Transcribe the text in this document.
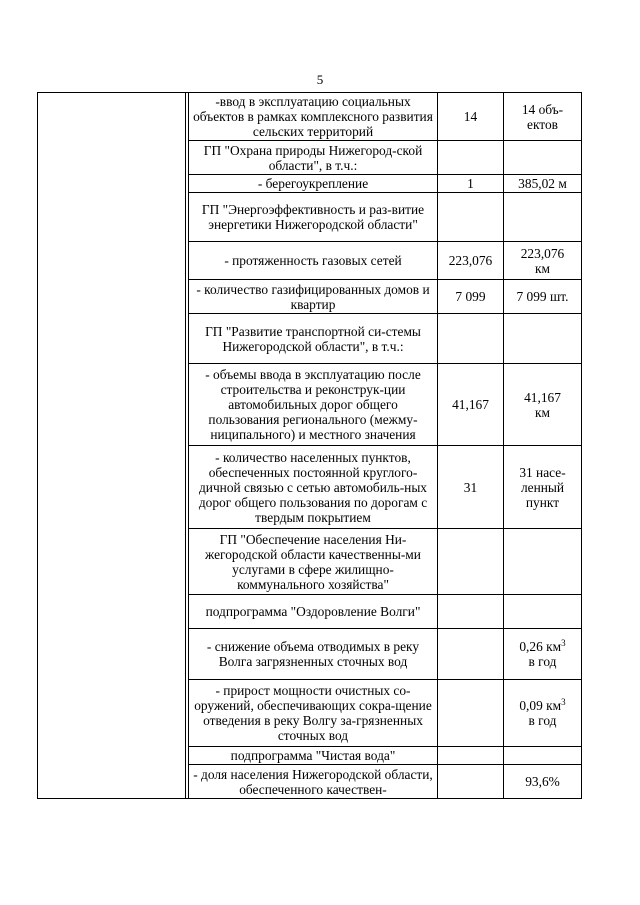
5
		-ввод в эксплуатацию социальных объектов в рамках комплексного развития сельских территорий	14	14 объ-ектов
		ГП "Охрана природы Нижегород-ской области", в т.ч.:		
		- берегоукрепление	1	385,02 м
		ГП "Энергоэффективность и раз-витие энергетики Нижегородской области"		
		- протяженность газовых сетей	223,076	223,076 км
		- количество газифицированных домов и квартир	7 099	7 099 шт.
		ГП "Развитие транспортной си-стемы Нижегородской области", в т.ч.:		
		- объемы ввода в эксплуатацию после строительства и реконструк-ции автомобильных дорог общего пользования регионального (межму-ниципального) и местного значения	41,167	41,167 км
		- количество населенных пунктов, обеспеченных постоянной круглого-дичной связью с сетью автомобиль-ных дорог общего пользования по дорогам с твердым покрытием	31	31 насе-ленный пункт
		ГП "Обеспечение населения Ни-жегородской области качественны-ми услугами в сфере жилищно-коммунального хозяйства"		
		подпрограмма "Оздоровление Волги"		
		- снижение объема отводимых в реку Волга загрязненных сточных вод		0,26 $км^3$
в год
		- прирост мощности очистных со-оружений, обеспечивающих сокра-щение отведения в реку Волгу за-грязненных сточных вод		0,09 $км^3$
в год
		подпрограмма "Чистая вода"		
		- доля населения Нижегородской области, обеспеченного качествен-		93,6%
